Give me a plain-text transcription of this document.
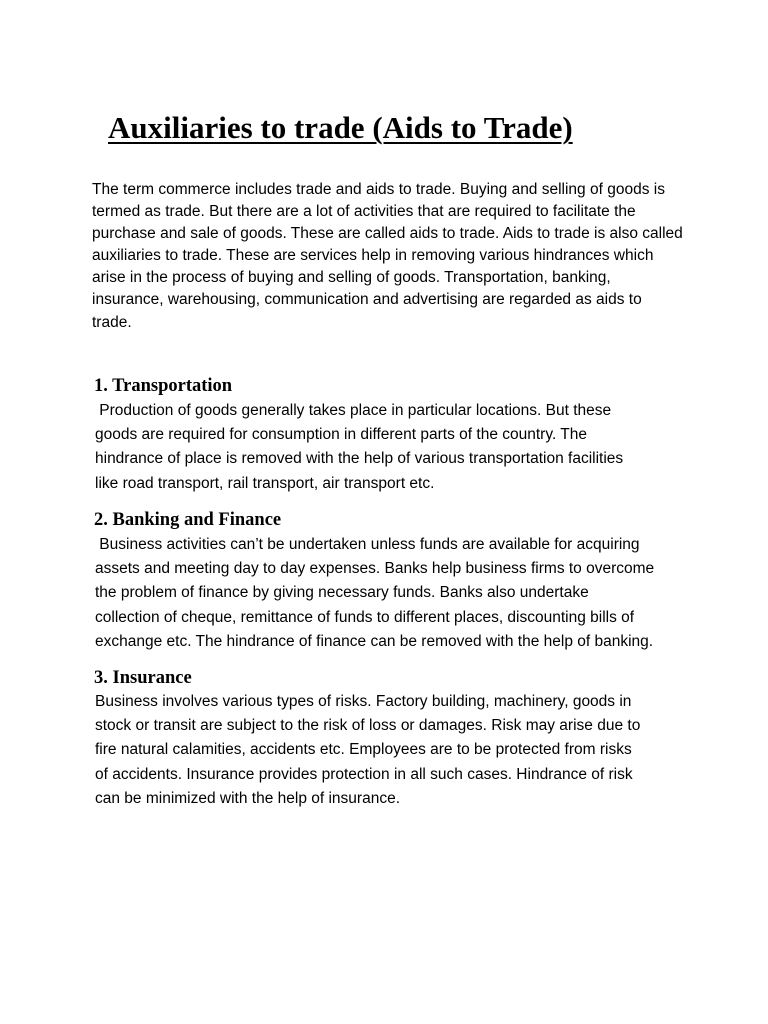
Auxiliaries to trade (Aids to Trade)
The term commerce includes trade and aids to trade. Buying and selling of goods is
termed as trade. But there are a lot of activities that are required to facilitate the
purchase and sale of goods. These are called aids to trade. Aids to trade is also called
auxiliaries to trade. These are services help in removing various hindrances which
arise in the process of buying and selling of goods. Transportation, banking,
insurance, warehousing, communication and advertising are regarded as aids to
trade.
1. Transportation
Production of goods generally takes place in particular locations. But these
goods are required for consumption in different parts of the country. The
hindrance of place is removed with the help of various transportation facilities
like road transport, rail transport, air transport etc.
2. Banking and Finance
Business activities can’t be undertaken unless funds are available for acquiring
assets and meeting day to day expenses. Banks help business firms to overcome
the problem of finance by giving necessary funds. Banks also undertake
collection of cheque, remittance of funds to different places, discounting bills of
exchange etc. The hindrance of finance can be removed with the help of banking.
3. Insurance
Business involves various types of risks. Factory building, machinery, goods in
stock or transit are subject to the risk of loss or damages. Risk may arise due to
fire natural calamities, accidents etc. Employees are to be protected from risks
of accidents. Insurance provides protection in all such cases. Hindrance of risk
can be minimized with the help of insurance.
